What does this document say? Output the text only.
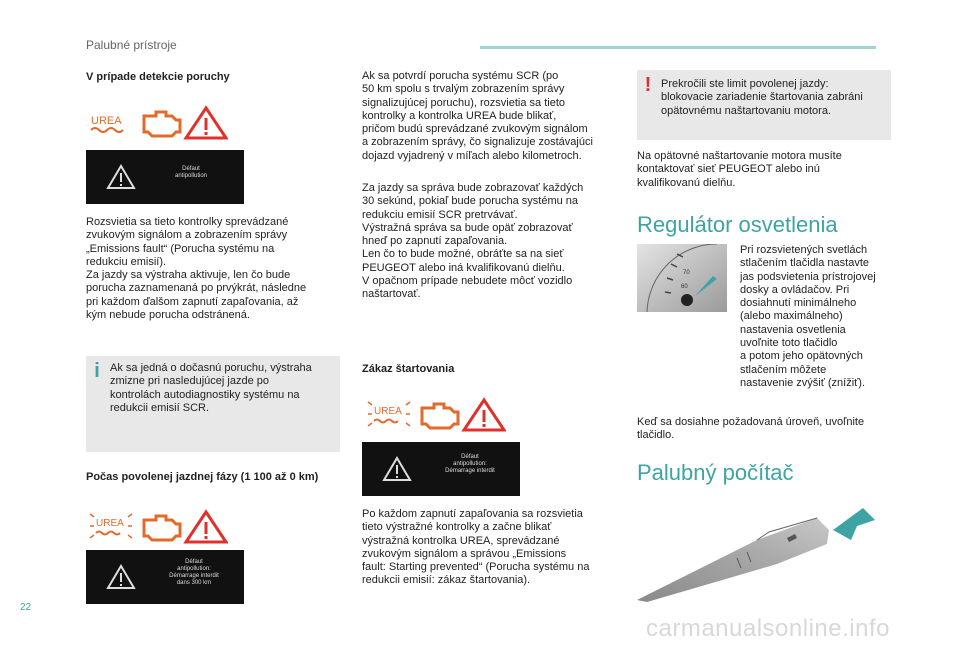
Palubné prístroje
V prípade detekcie poruchy
UREA
Défaut
antipollution
Rozsvietia sa tieto kontrolky sprevádzané
zvukovým signálom a zobrazením správy
„Emissions fault“ (Porucha systému na
redukciu emisií).
Za jazdy sa výstraha aktivuje, len čo bude
porucha zaznamenaná po prvýkrát, následne
pri každom ďalšom zapnutí zapaľovania, až
kým nebude porucha odstránená.
i Ak sa jedná o dočasnú poruchu, výstraha
zmizne pri nasledujúcej jazde po
kontrolách autodiagnostiky systému na
redukcii emisií SCR.
Počas povolenej jazdnej fázy (1 100 až 0 km)
UREA
Défaut
antipollution:
Démarrage interdit
dans 300 km
Ak sa potvrdí porucha systému SCR (po
50 km spolu s trvalým zobrazením správy
signalizujúcej poruchu), rozsvietia sa tieto
kontrolky a kontrolka UREA bude blikať,
pričom budú sprevádzané zvukovým signálom
a zobrazením správy, čo signalizuje zostávajúci
dojazd vyjadrený v míľach alebo kilometroch.
Za jazdy sa správa bude zobrazovať každých
30 sekúnd, pokiaľ bude porucha systému na
redukciu emisií SCR pretrvávať.
Výstražná správa sa bude opäť zobrazovať
hneď po zapnutí zapaľovania.
Len čo to bude možné, obráťte sa na sieť
PEUGEOT alebo iná kvalifikovanú dielňu.
V opačnom prípade nebudete môcť vozidlo
naštartovať.
Zákaz štartovania
UREA
Défaut
antipollution:
Démarrage interdit
Po každom zapnutí zapaľovania sa rozsvietia
tieto výstražné kontrolky a začne blikať
výstražná kontrolka UREA, sprevádzané
zvukovým signálom a správou „Emissions
fault: Starting prevented“ (Porucha systému na
redukcii emisií: zákaz štartovania).
! Prekročili ste limit povolenej jazdy:
blokovacie zariadenie štartovania zabráni
opätovnému naštartovaniu motora.
Na opätovné naštartovanie motora musíte
kontaktovať sieť PEUGEOT alebo inú
kvalifikovanú dielňu.
Regulátor osvetlenia
70
60
Pri rozsvietených svetlách
stlačením tlačidla nastavte
jas podsvietenia prístrojovej
dosky a ovládačov. Pri
dosiahnutí minimálneho
(alebo maximálneho)
nastavenia osvetlenia
uvoľnite toto tlačidlo
a potom jeho opätovných
stlačením môžete
nastavenie zvýšiť (znížiť).
Keď sa dosiahne požadovaná úroveň, uvoľnite
tlačidlo.
Palubný počítač
22
carmanualsonline.info
